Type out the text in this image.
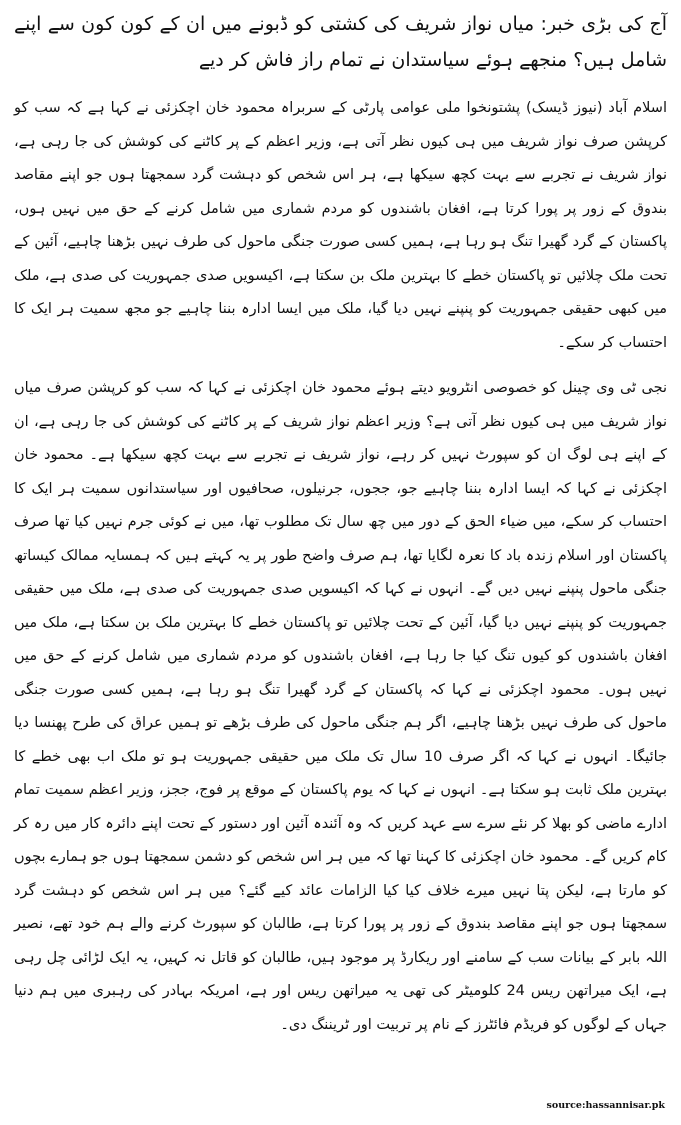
آج کی بڑی خبر: میاں نواز شریف کی کشتی کو ڈبونے میں ان کے کون کون سے اپنے شامل ہیں؟ منجھے ہوئے سیاستدان نے تمام راز فاش کر دیے

اسلام آباد (نیوز ڈیسک) پشتونخوا ملی عوامی پارٹی کے سربراہ محمود خان اچکزئی نے کہا ہے کہ سب کو کرپشن صرف نواز شریف میں ہی کیوں نظر آتی ہے، وزیر اعظم کے پر کاٹنے کی کوشش کی جا رہی ہے، نواز شریف نے تجربے سے بہت کچھ سیکھا ہے، ہر اس شخص کو دہشت گرد سمجھتا ہوں جو اپنے مقاصد بندوق کے زور پر پورا کرتا ہے، افغان باشندوں کو مردم شماری میں شامل کرنے کے حق میں نہیں ہوں، پاکستان کے گرد گھیرا تنگ ہو رہا ہے، ہمیں کسی صورت جنگی ماحول کی طرف نہیں بڑھنا چاہیے، آئین کے تحت ملک چلائیں تو پاکستان خطے کا بہترین ملک بن سکتا ہے، اکیسویں صدی جمہوریت کی صدی ہے، ملک میں کبھی حقیقی جمہوریت کو پنپنے نہیں دیا گیا، ملک میں ایسا ادارہ بننا چاہیے جو مجھ سمیت ہر ایک کا احتساب کر سکے۔

نجی ٹی وی چینل کو خصوصی انٹرویو دیتے ہوئے محمود خان اچکزئی نے کہا کہ سب کو کرپشن صرف میاں نواز شریف میں ہی کیوں نظر آتی ہے؟ وزیر اعظم نواز شریف کے پر کاٹنے کی کوشش کی جا رہی ہے، ان کے اپنے ہی لوگ ان کو سپورٹ نہیں کر رہے، نواز شریف نے تجربے سے بہت کچھ سیکھا ہے۔ محمود خان اچکزئی نے کہا کہ ایسا ادارہ بننا چاہیے جو، ججوں، جرنیلوں، صحافیوں اور سیاستدانوں سمیت ہر ایک کا احتساب کر سکے، میں ضیاء الحق کے دور میں چھ سال تک مطلوب تھا، میں نے کوئی جرم نہیں کیا تھا صرف پاکستان اور اسلام زندہ باد کا نعرہ لگایا تھا، ہم صرف واضح طور پر یہ کہتے ہیں کہ ہمسایہ ممالک کیساتھ جنگی ماحول پنپنے نہیں دیں گے۔ انہوں نے کہا کہ اکیسویں صدی جمہوریت کی صدی ہے، ملک میں حقیقی جمہوریت کو پنپنے نہیں دیا گیا، آئین کے تحت چلائیں تو پاکستان خطے کا بہترین ملک بن سکتا ہے، ملک میں افغان باشندوں کو کیوں تنگ کیا جا رہا ہے، افغان باشندوں کو مردم شماری میں شامل کرنے کے حق میں نہیں ہوں۔ محمود اچکزئی نے کہا کہ پاکستان کے گرد گھیرا تنگ ہو رہا ہے، ہمیں کسی صورت جنگی ماحول کی طرف نہیں بڑھنا چاہیے، اگر ہم جنگی ماحول کی طرف بڑھے تو ہمیں عراق کی طرح پھنسا دیا جائیگا۔ انہوں نے کہا کہ اگر صرف 10 سال تک ملک میں حقیقی جمہوریت ہو تو ملک اب بھی خطے کا بہترین ملک ثابت ہو سکتا ہے۔ انہوں نے کہا کہ یوم پاکستان کے موقع پر فوج، ججز، وزیر اعظم سمیت تمام ادارے ماضی کو بھلا کر نئے سرے سے عہد کریں کہ وہ آئندہ آئین اور دستور کے تحت اپنے دائرہ کار میں رہ کر کام کریں گے۔ محمود خان اچکزئی کا کہنا تھا کہ میں ہر اس شخص کو دشمن سمجھتا ہوں جو ہمارے بچوں کو مارتا ہے، لیکن پتا نہیں میرے خلاف کیا کیا الزامات عائد کیے گئے؟ میں ہر اس شخص کو دہشت گرد سمجھتا ہوں جو اپنے مقاصد بندوق کے زور پر پورا کرتا ہے، طالبان کو سپورٹ کرنے والے ہم خود تھے، نصیر اللہ بابر کے بیانات سب کے سامنے اور ریکارڈ پر موجود ہیں، طالبان کو قاتل نہ کہیں، یہ ایک لڑائی چل رہی ہے، ایک میراتھن ریس 24 کلومیٹر کی تھی یہ میراتھن ریس اور ہے، امریکہ بہادر کی رہبری میں ہم دنیا جہاں کے لوگوں کو فریڈم فائٹرز کے نام پر تربیت اور ٹریننگ دی۔

source:hassannisar.pk
